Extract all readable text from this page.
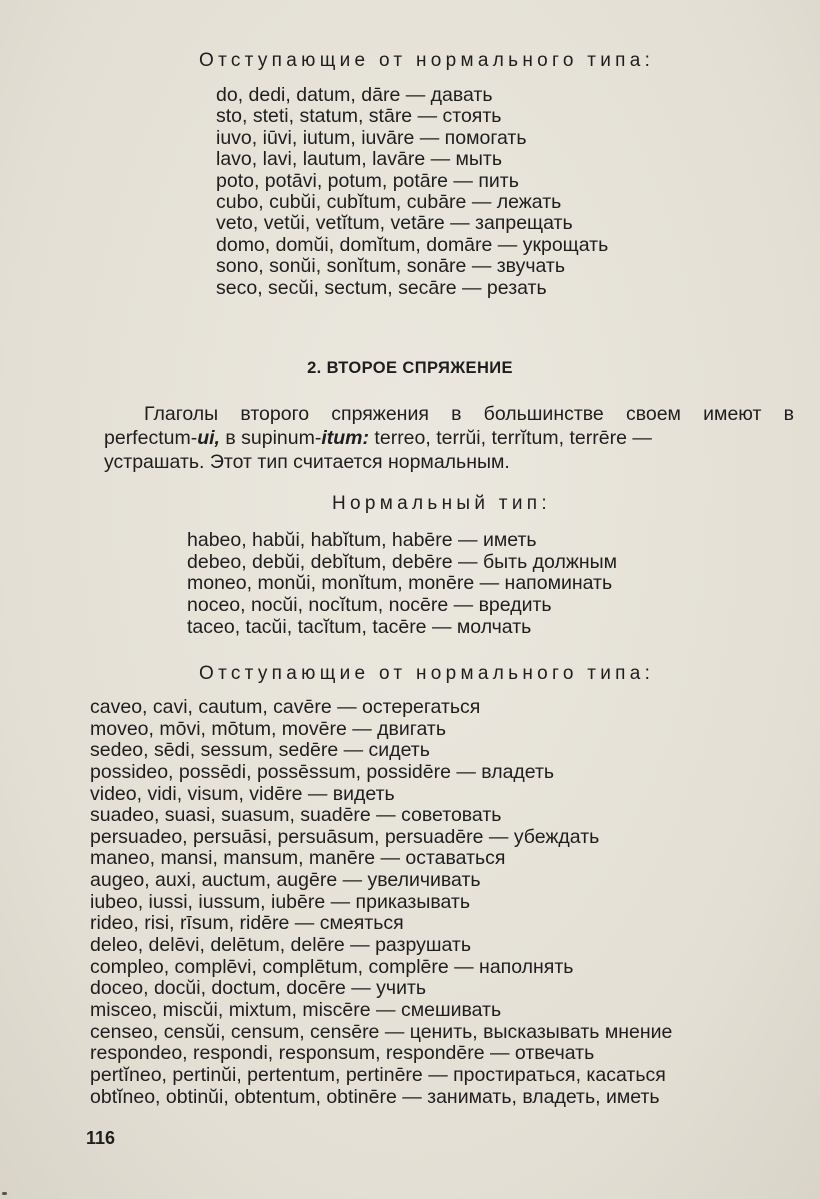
Отступающие от нормального типа:
do, dedi, datum, dāre — давать
sto, steti, statum, stāre — стоять
iuvo, iūvi, iutum, iuvāre — помогать
lavo, lavi, lautum, lavāre — мыть
poto, potāvi, potum, potāre — пить
cubo, cubŭi, cubĭtum, cubāre — лежать
veto, vetŭi, vetĭtum, vetāre — запрещать
domo, domŭi, domĭtum, domāre — укрощать
sono, sonŭi, sonĭtum, sonāre — звучать
seco, secŭi, sectum, secāre — резать
2. ВТОРОЕ СПРЯЖЕНИЕ
Глаголы второго спряжения в большинстве своем имеют в
perfectum-ui, в supinum-itum: terreo, terrŭi, terrĭtum, terrēre —
устрашать. Этот тип считается нормальным.
Нормальный тип:
habeo, habŭi, habĭtum, habēre — иметь
debeo, debŭi, debĭtum, debēre — быть должным
moneo, monŭi, monĭtum, monēre — напоминать
noceo, nocŭi, nocĭtum, nocēre — вредить
taceo, tacŭi, tacĭtum, tacēre — молчать
Отступающие от нормального типа:
caveo, cavi, cautum, cavēre — остерегаться
moveo, mōvi, mōtum, movēre — двигать
sedeo, sēdi, sessum, sedēre — сидеть
possideo, possēdi, possēssum, possidēre — владеть
video, vidi, visum, vidēre — видеть
suadeo, suasi, suasum, suadēre — советовать
persuadeo, persuāsi, persuāsum, persuadēre — убеждать
maneo, mansi, mansum, manēre — оставаться
augeo, auxi, auctum, augēre — увеличивать
iubeo, iussi, iussum, iubēre — приказывать
rideo, risi, rīsum, ridēre — смеяться
deleo, delēvi, delētum, delēre — разрушать
compleo, complēvi, complētum, complēre — наполнять
doceo, docŭi, doctum, docēre — учить
misceo, miscŭi, mixtum, miscēre — смешивать
censeo, censŭi, censum, censēre — ценить, высказывать мнение
respondeo, respondi, responsum, respondēre — отвечать
pertĭneo, pertinŭi, pertentum, pertinēre — простираться, касаться
obtĭneo, obtinŭi, obtentum, obtinēre — занимать, владеть, иметь
116
